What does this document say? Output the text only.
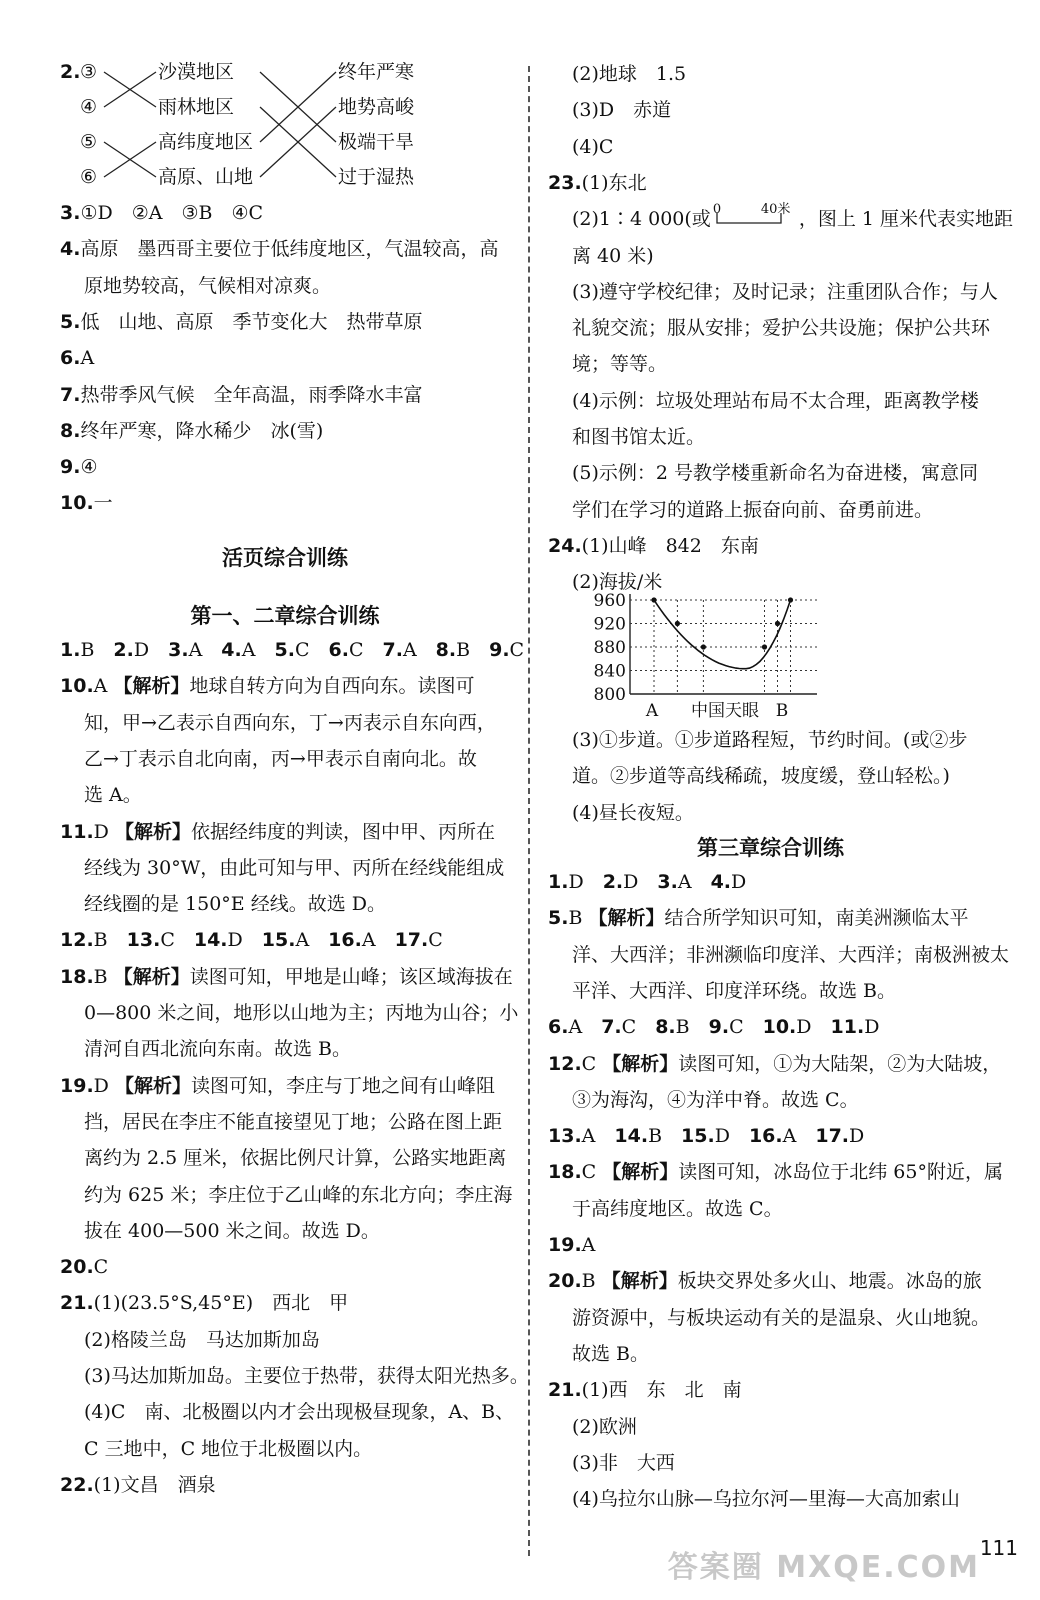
2. ③
④
⑤
⑥
沙漠地区
雨林地区
高纬度地区
高原、山地
终年严寒
地势高峻
极端干旱
过于湿热
3.①D　②A　③B　④C
4.高原　墨西哥主要位于低纬度地区，气温较高，高
原地势较高，气候相对凉爽。
5.低　山地、高原　季节变化大　热带草原
6.A
7.热带季风气候　全年高温，雨季降水丰富
8.终年严寒，降水稀少　冰(雪)
9.④
10.一
活页综合训练
第一、二章综合训练
1.B　2.D　3.A　4.A　5.C　6.C　7.A　8.B　9.C
10.A 【解析】地球自转方向为自西向东。读图可
知，甲→乙表示自西向东，丁→丙表示自东向西，
乙→丁表示自北向南，丙→甲表示自南向北。故
选 A。
11.D 【解析】依据经纬度的判读，图中甲、丙所在
经线为 30°W，由此可知与甲、丙所在经线能组成
经线圈的是 150°E 经线。故选 D。
12.B　13.C　14.D　15.A　16.A　17.C
18.B 【解析】读图可知，甲地是山峰；该区域海拔在
0—800 米之间，地形以山地为主；丙地为山谷；小
清河自西北流向东南。故选 B。
19.D 【解析】读图可知，李庄与丁地之间有山峰阻
挡，居民在李庄不能直接望见丁地；公路在图上距
离约为 2.5 厘米，依据比例尺计算，公路实地距离
约为 625 米；李庄位于乙山峰的东北方向；李庄海
拔在 400—500 米之间。故选 D。
20.C
21.(1)(23.5°S,45°E)　西北　甲
(2)格陵兰岛　马达加斯加岛
(3)马达加斯加岛。主要位于热带，获得太阳光热多。
(4)C　南、北极圈以内才会出现极昼现象，A、B、
C 三地中，C 地位于北极圈以内。
22.(1)文昌　酒泉
(2)地球　1.5
(3)D　赤道
(4)C
23.(1)东北
(2)1∶4 000(或 0	40米 ，图上 1 厘米代表实地距
离 40 米)
(3)遵守学校纪律；及时记录；注重团队合作；与人
礼貌交流；服从安排；爱护公共设施；保护公共环
境；等等。
(4)示例：垃圾处理站布局不太合理，距离教学楼
和图书馆太近。
(5)示例：2 号教学楼重新命名为奋进楼，寓意同
学们在学习的道路上振奋向前、奋勇前进。
24.(1)山峰　842　东南
(2)海拔/米
800
840
880
920
960
A 中国天眼 B
(3)①步道。①步道路程短，节约时间。(或②步
道。②步道等高线稀疏，坡度缓，登山轻松。)
(4)昼长夜短。
第三章综合训练
1.D　2.D　3.A　4.D
5.B 【解析】结合所学知识可知，南美洲濒临太平
洋、大西洋；非洲濒临印度洋、大西洋；南极洲被太
平洋、大西洋、印度洋环绕。故选 B。
6.A　7.C　8.B　9.C　10.D　11.D
12.C 【解析】读图可知，①为大陆架，②为大陆坡，
③为海沟，④为洋中脊。故选 C。
13.A　14.B　15.D　16.A　17.D
18.C 【解析】读图可知，冰岛位于北纬 65°附近，属
于高纬度地区。故选 C。
19.A
20.B 【解析】板块交界处多火山、地震。冰岛的旅
游资源中，与板块运动有关的是温泉、火山地貌。
故选 B。
21.(1)西　东　北　南
(2)欧洲
(3)非　大西
(4)乌拉尔山脉—乌拉尔河—里海—大高加索山
111
答案圈 MXQE.COM
